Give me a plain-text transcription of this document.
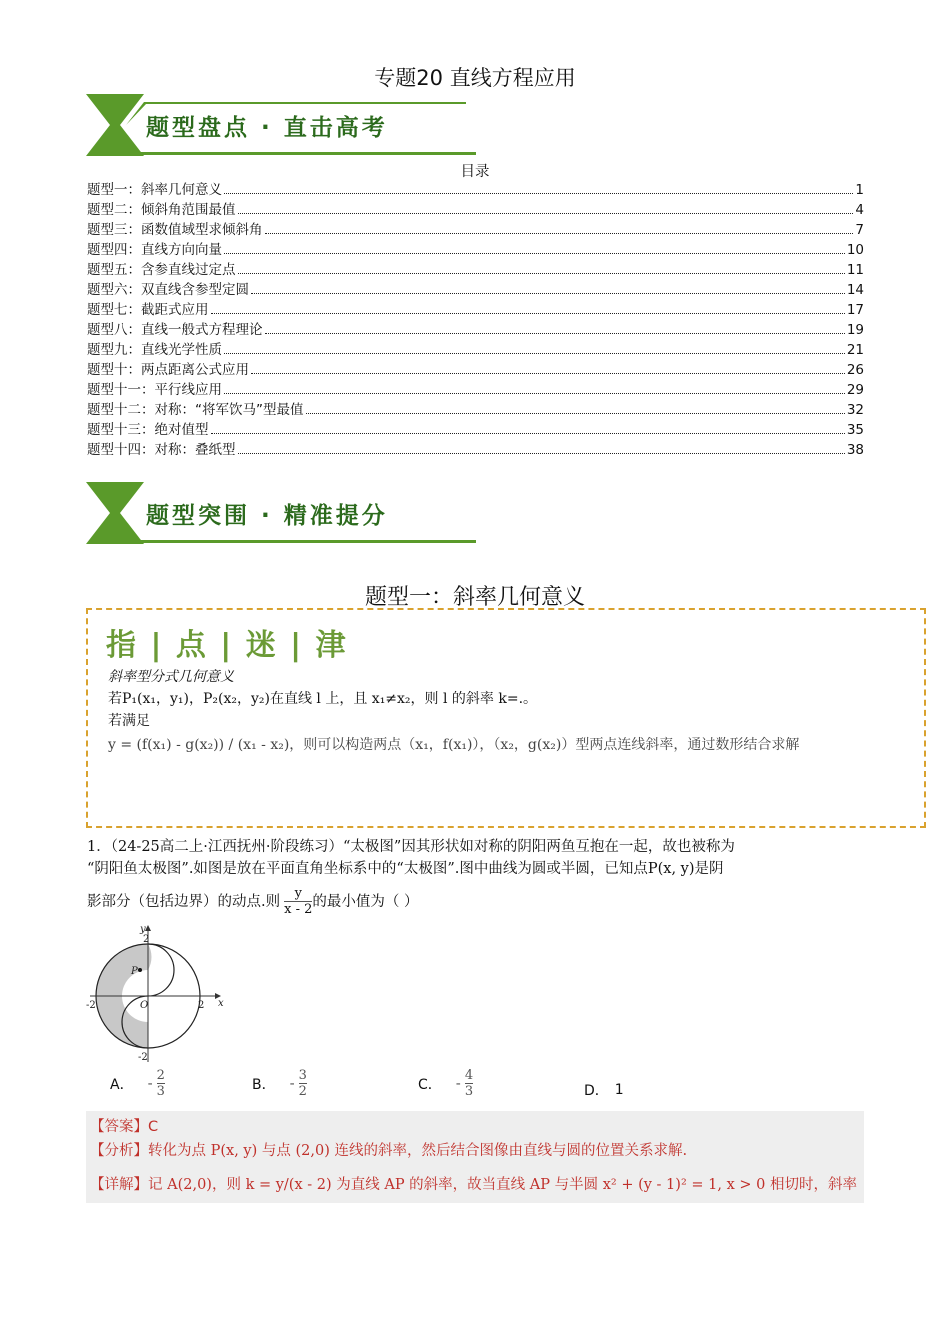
专题20 直线方程应用
题型盘点 · 直击高考
目录
题型一：斜率几何意义	1
题型二：倾斜角范围最值	4
题型三：函数值域型求倾斜角	7
题型四：直线方向向量	10
题型五：含参直线过定点	11
题型六：双直线含参型定圆	14
题型七：截距式应用	17
题型八：直线一般式方程理论	19
题型九：直线光学性质	21
题型十：两点距离公式应用	26
题型十一：平行线应用	29
题型十二：对称：“将军饮马”型最值	32
题型十三：绝对值型	35
题型十四：对称：叠纸型	38
题型突围 · 精准提分
题型一：斜率几何意义
指 | 点 | 迷 | 津
斜率型分式几何意义
若P₁(x₁，y₁)，P₂(x₂，y₂)在直线 l 上，且 x₁≠x₂，则 l 的斜率 k=.。
若满足
y = (f(x₁) - g(x₂)) / (x₁ - x₂)，则可以构造两点（x₁，f(x₁)），（x₂，g(x₂)）型两点连线斜率，通过数形结合求解
1．（24-25高二上·江西抚州·阶段练习）“太极图”因其形状如对称的阴阳两鱼互抱在一起，故也被称为
“阴阳鱼太极图”.如图是放在平面直角坐标系中的“太极图”.图中曲线为圆或半圆，已知点P(x, y)是阴
影部分（包括边界）的动点.则 $\frac{y}{x - 2}$ 的最小值为（ ）
x
y
O
P
2
-2
2
-2
A． - $\frac{2}{3}$	B． - $\frac{3}{2}$	C． - $\frac{4}{3}$	D． 1
【答案】C
【分析】转化为点 P(x, y) 与点 (2,0) 连线的斜率，然后结合图像由直线与圆的位置关系求解.
【详解】记 A(2,0)，则 k = y/(x - 2) 为直线 AP 的斜率，故当直线 AP 与半圆 x² + (y - 1)² = 1, x > 0 相切时，斜率
